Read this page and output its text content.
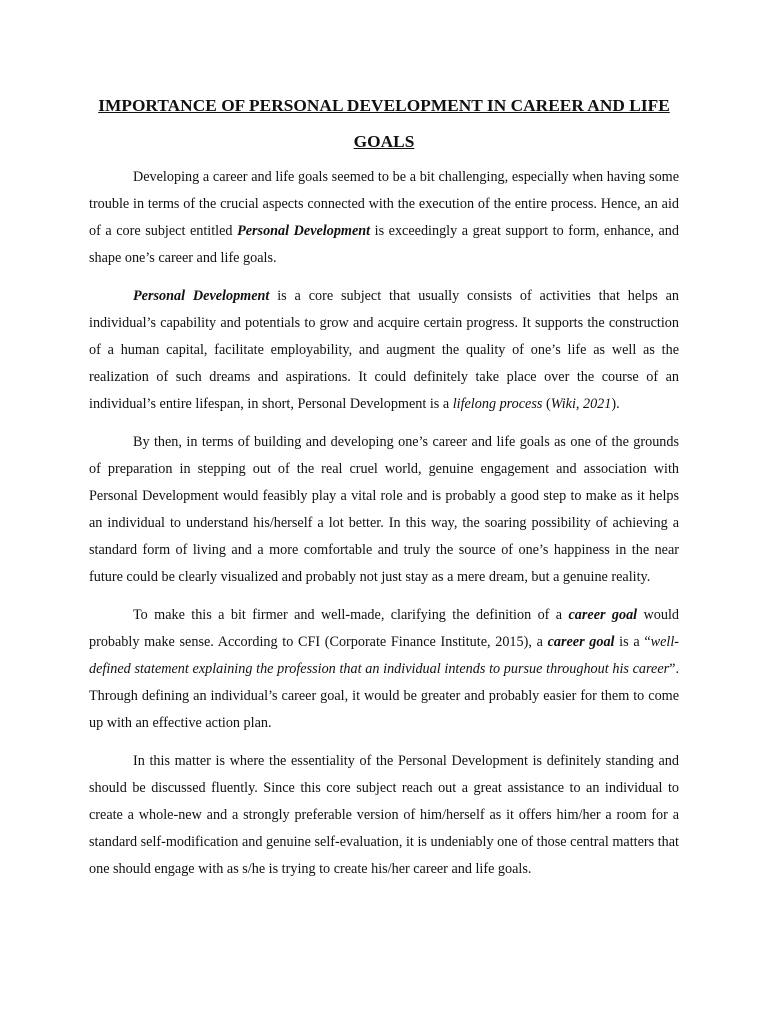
IMPORTANCE OF PERSONAL DEVELOPMENT IN CAREER AND LIFE GOALS

Developing a career and life goals seemed to be a bit challenging, especially when having some trouble in terms of the crucial aspects connected with the execution of the entire process. Hence, an aid of a core subject entitled Personal Development is exceedingly a great support to form, enhance, and shape one’s career and life goals.

Personal Development is a core subject that usually consists of activities that helps an individual’s capability and potentials to grow and acquire certain progress. It supports the construction of a human capital, facilitate employability, and augment the quality of one’s life as well as the realization of such dreams and aspirations. It could definitely take place over the course of an individual’s entire lifespan, in short, Personal Development is a lifelong process (Wiki, 2021).

By then, in terms of building and developing one’s career and life goals as one of the grounds of preparation in stepping out of the real cruel world, genuine engagement and association with Personal Development would feasibly play a vital role and is probably a good step to make as it helps an individual to understand his/herself a lot better. In this way, the soaring possibility of achieving a standard form of living and a more comfortable and truly the source of one’s happiness in the near future could be clearly visualized and probably not just stay as a mere dream, but a genuine reality.

To make this a bit firmer and well-made, clarifying the definition of a career goal would probably make sense. According to CFI (Corporate Finance Institute, 2015), a career goal is a “well-defined statement explaining the profession that an individual intends to pursue throughout his career”. Through defining an individual’s career goal, it would be greater and probably easier for them to come up with an effective action plan.

In this matter is where the essentiality of the Personal Development is definitely standing and should be discussed fluently. Since this core subject reach out a great assistance to an individual to create a whole-new and a strongly preferable version of him/herself as it offers him/her a room for a standard self-modification and genuine self-evaluation, it is undeniably one of those central matters that one should engage with as s/he is trying to create his/her career and life goals.
